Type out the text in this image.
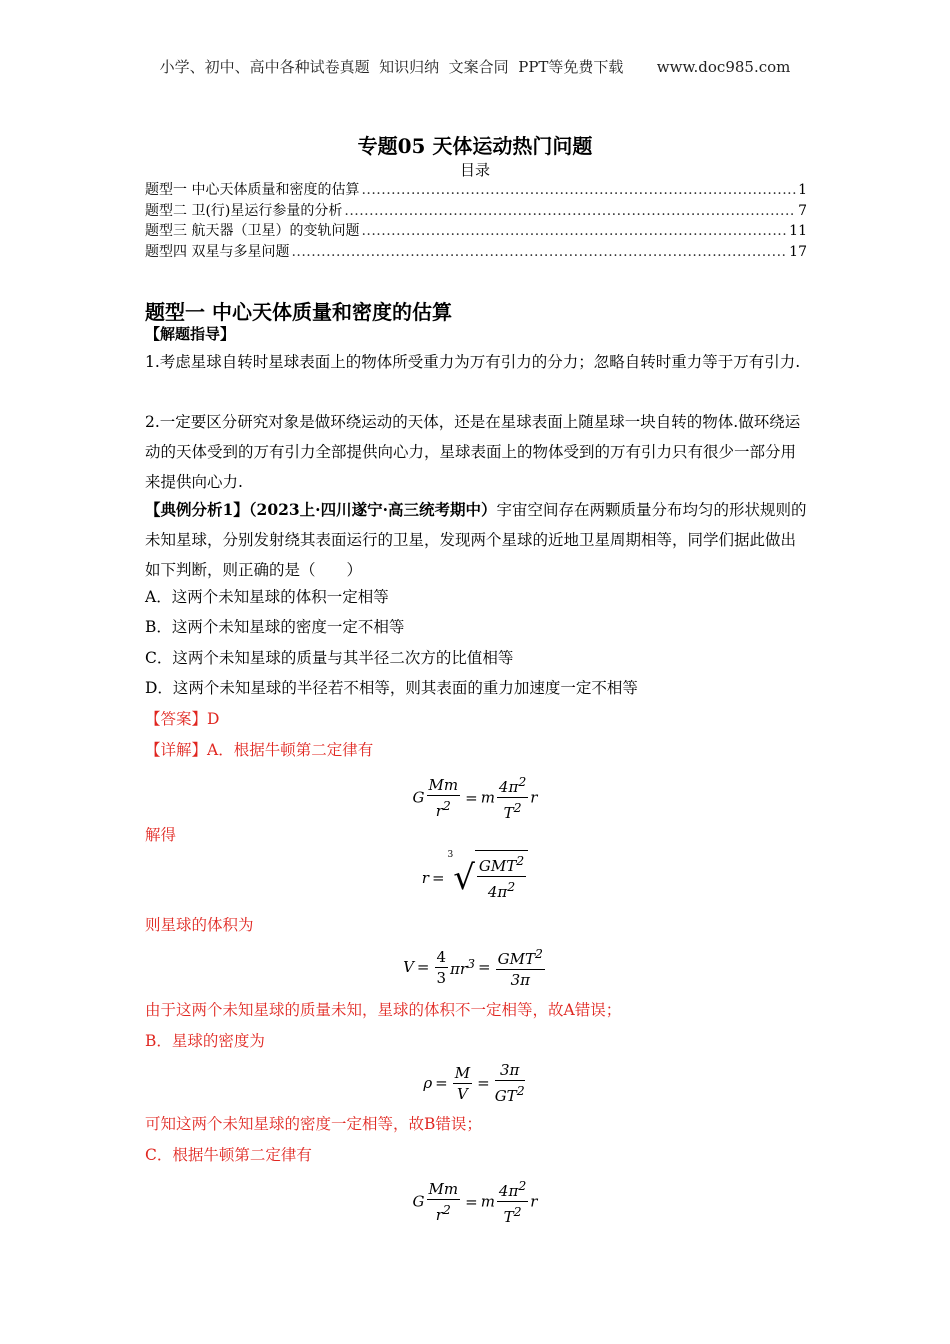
小学、初中、高中各种试卷真题  知识归纳  文案合同  PPT等免费下载       www.doc985.com
专题05 天体运动热门问题
目录
题型一 中心天体质量和密度的估算 .....	1
题型二 卫(行)星运行参量的分析 .....	7
题型三 航天器（卫星）的变轨问题 .....	11
题型四 双星与多星问题 .....	17
题型一 中心天体质量和密度的估算
【解题指导】
1.考虑星球自转时星球表面上的物体所受重力为万有引力的分力；忽略自转时重力等于万有引力.
2.一定要区分研究对象是做环绕运动的天体，还是在星球表面上随星球一块自转的物体.做环绕运动的天体受到的万有引力全部提供向心力，星球表面上的物体受到的万有引力只有很少一部分用来提供向心力.
【典例分析1】（2023上·四川遂宁·高三统考期中）宇宙空间存在两颗质量分布均匀的形状规则的未知星球，分别发射绕其表面运行的卫星，发现两个星球的近地卫星周期相等，同学们据此做出如下判断，则正确的是（　　）
A．这两个未知星球的体积一定相等
B．这两个未知星球的密度一定不相等
C．这两个未知星球的质量与其半径二次方的比值相等
D．这两个未知星球的半径若不相等，则其表面的重力加速度一定不相等
【答案】D
【详解】A．根据牛顿第二定律有
G $\frac{Mm}{r^2} = m \frac{4\pi^2}{T^2}$ r
解得
$r =^3√ \frac{GMT^2}{4\pi^2}$
则星球的体积为
$V = \frac{4}{3} \pi r^3 = \frac{GMT^2}{3\pi}$
由于这两个未知星球的质量未知，星球的体积不一定相等，故A错误；
B．星球的密度为
$\rho = \frac{M}{V} = \frac{3\pi}{GT^2}$
可知这两个未知星球的密度一定相等，故B错误；
C．根据牛顿第二定律有
G $\frac{Mm}{r^2} = m \frac{4\pi^2}{T^2}$ r
